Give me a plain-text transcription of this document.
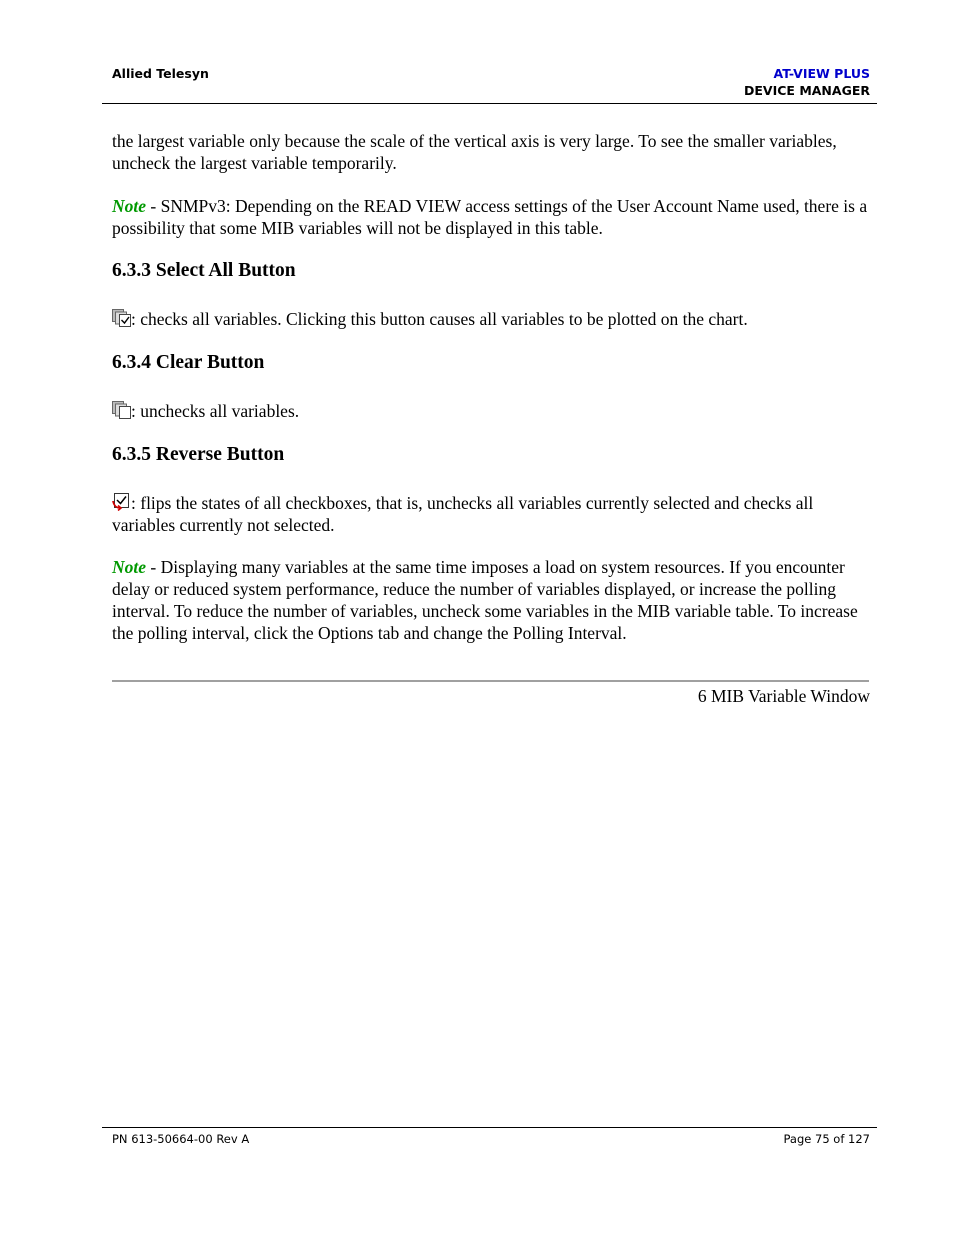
Allied Telesyn	AT-VIEW PLUS
DEVICE MANAGER

the largest variable only because the scale of the vertical axis is very large. To see the smaller variables, uncheck the largest variable temporarily.

Note - SNMPv3: Depending on the READ VIEW access settings of the User Account Name used, there is a possibility that some MIB variables will not be displayed in this table.

6.3.3 Select All Button

: checks all variables. Clicking this button causes all variables to be plotted on the chart.

6.3.4 Clear Button

: unchecks all variables.

6.3.5 Reverse Button

: flips the states of all checkboxes, that is, unchecks all variables currently selected and checks all variables currently not selected.

Note - Displaying many variables at the same time imposes a load on system resources. If you encounter delay or reduced system performance, reduce the number of variables displayed, or increase the polling interval. To reduce the number of variables, uncheck some variables in the MIB variable table. To increase the polling interval, click the Options tab and change the Polling Interval.

6 MIB Variable Window
PN 613-50664-00 Rev A	Page 75 of 127
